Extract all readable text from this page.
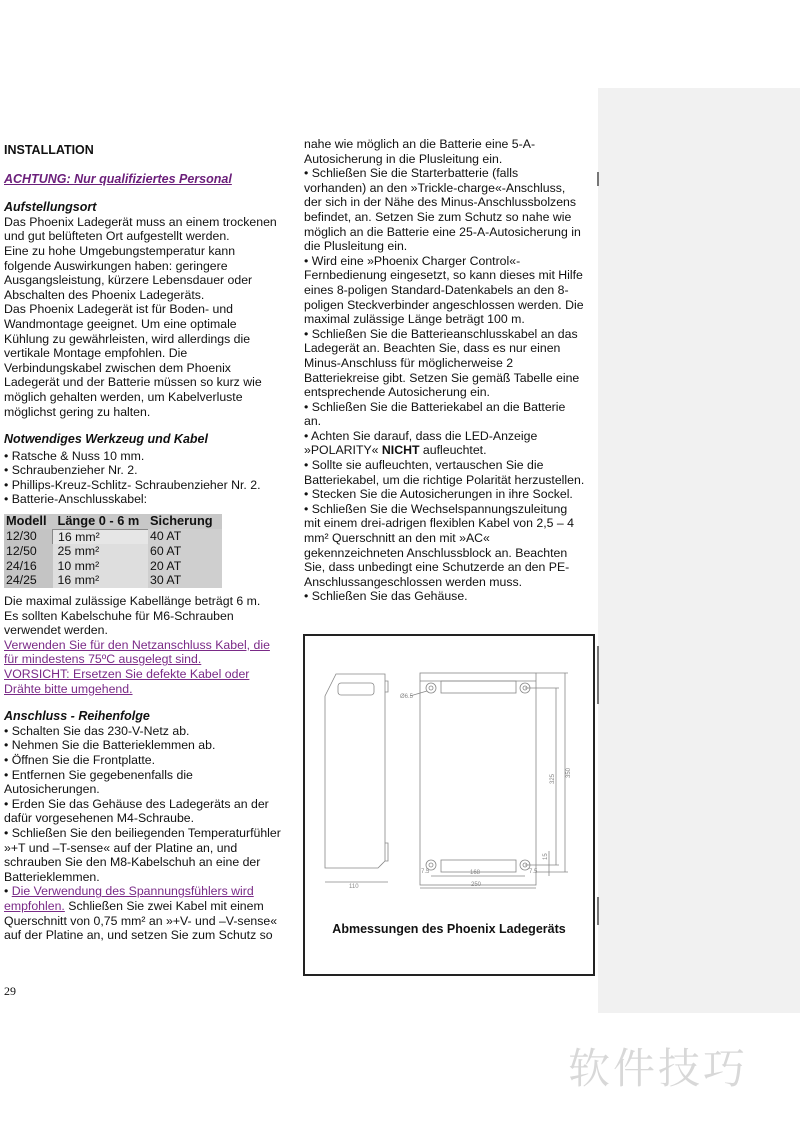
INSTALLATION
ACHTUNG: Nur qualifiziertes Personal
Aufstellungsort
Das Phoenix Ladegerät muss an einem trockenen
und gut belüfteten Ort aufgestellt werden.
Eine zu hohe Umgebungstemperatur kann
folgende Auswirkungen haben: geringere
Ausgangsleistung, kürzere Lebensdauer oder
Abschalten des Phoenix Ladegeräts.
Das Phoenix Ladegerät ist für Boden- und
Wandmontage geeignet. Um eine optimale
Kühlung zu gewährleisten, wird allerdings die
vertikale Montage empfohlen. Die
Verbindungskabel zwischen dem Phoenix
Ladegerät und der Batterie müssen so kurz wie
möglich gehalten werden, um Kabelverluste
möglichst gering zu halten.
Notwendiges Werkzeug und Kabel
• Ratsche & Nuss 10 mm.
• Schraubenzieher Nr. 2.
• Phillips-Kreuz-Schlitz- Schraubenzieher Nr. 2.
• Batterie-Anschlusskabel:
Modell	Länge 0 - 6 m	Sicherung
12/30	16 mm²	40 AT
12/50	25 mm²	60 AT
24/16	10 mm²	20 AT
24/25	16 mm²	30 AT
Die maximal zulässige Kabellänge beträgt 6 m.
Es sollten Kabelschuhe für M6-Schrauben
verwendet werden.
Verwenden Sie für den Netzanschluss Kabel, die
für mindestens 75ºC ausgelegt sind.
VORSICHT: Ersetzen Sie defekte Kabel oder
Drähte bitte umgehend.
Anschluss - Reihenfolge
• Schalten Sie das 230-V-Netz ab.
• Nehmen Sie die Batterieklemmen ab.
• Öffnen Sie die Frontplatte.
• Entfernen Sie gegebenenfalls die
Autosicherungen.
• Erden Sie das Gehäuse des Ladegeräts an der
dafür vorgesehenen M4-Schraube.
• Schließen Sie den beiliegenden Temperaturfühler
»+T und –T-sense« auf der Platine an, und
schrauben Sie den M8-Kabelschuh an eine der
Batterieklemmen.
• Die Verwendung des Spannungsfühlers wird
empfohlen. Schließen Sie zwei Kabel mit einem
Querschnitt von 0,75 mm² an »+V- und –V-sense«
auf der Platine an, und setzen Sie zum Schutz so
nahe wie möglich an die Batterie eine 5-A-
Autosicherung in die Plusleitung ein.
• Schließen Sie die Starterbatterie (falls
vorhanden) an den »Trickle-charge«-Anschluss,
der sich in der Nähe des Minus-Anschlussbolzens
befindet, an. Setzen Sie zum Schutz so nahe wie
möglich an die Batterie eine 25-A-Autosicherung in
die Plusleitung ein.
• Wird eine »Phoenix Charger Control«-
Fernbedienung eingesetzt, so kann dieses mit Hilfe
eines 8-poligen Standard-Datenkabels an den 8-
poligen Steckverbinder angeschlossen werden. Die
maximal zulässige Länge beträgt 100 m.
• Schließen Sie die Batterieanschlusskabel an das
Ladegerät an. Beachten Sie, dass es nur einen
Minus-Anschluss für möglicherweise 2
Batteriekreise gibt. Setzen Sie gemäß Tabelle eine
entsprechende Autosicherung ein.
• Schließen Sie die Batteriekabel an die Batterie
an.
• Achten Sie darauf, dass die LED-Anzeige
»POLARITY« NICHT aufleuchtet.
• Sollte sie aufleuchten, vertauschen Sie die
Batteriekabel, um die richtige Polarität herzustellen.
• Stecken Sie die Autosicherungen in ihre Sockel.
• Schließen Sie die Wechselspannungszuleitung
mit einem drei-adrigen flexiblen Kabel von 2,5 – 4
mm² Querschnitt an den mit »AC«
gekennzeichneten Anschlussblock an. Beachten
Sie, dass unbedingt eine Schutzerde an den PE-
Anschlussangeschlossen werden muss.
• Schließen Sie das Gehäuse.
110
168
250
Ø6.5
7.5	7.5
325
350
15
Abmessungen des Phoenix Ladegeräts
29
软件技巧
